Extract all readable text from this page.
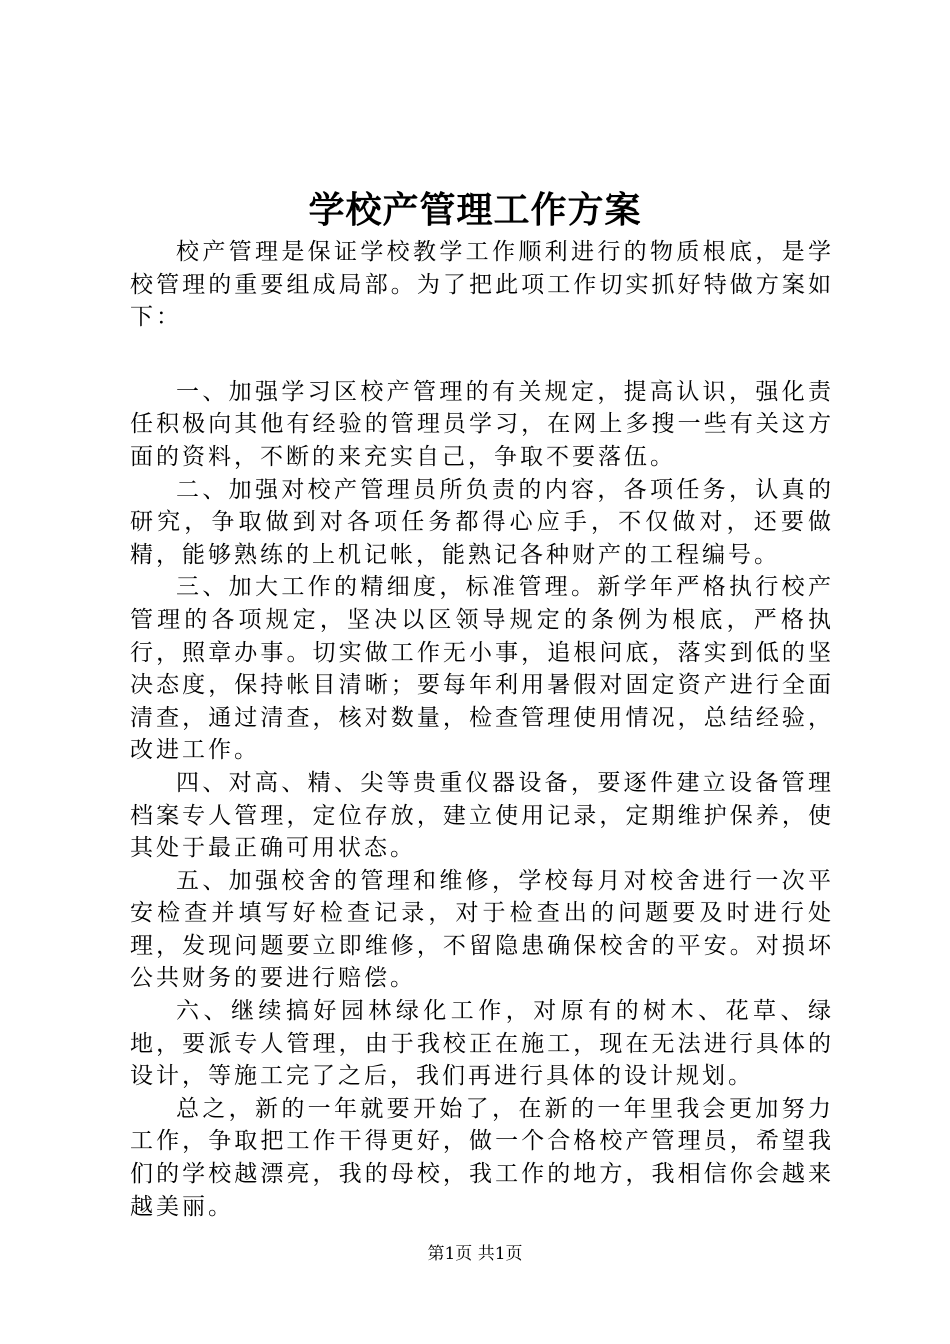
学校产管理工作方案

校产管理是保证学校教学工作顺利进行的物质根底，是学校管理的重要组成局部。为了把此项工作切实抓好特做方案如下：

一、加强学习区校产管理的有关规定，提高认识，强化责任积极向其他有经验的管理员学习，在网上多搜一些有关这方面的资料，不断的来充实自己，争取不要落伍。

二、加强对校产管理员所负责的内容，各项任务，认真的研究，争取做到对各项任务都得心应手，不仅做对，还要做精，能够熟练的上机记帐，能熟记各种财产的工程编号。

三、加大工作的精细度，标准管理。新学年严格执行校产管理的各项规定，坚决以区领导规定的条例为根底，严格执行，照章办事。切实做工作无小事，追根问底，落实到低的坚决态度，保持帐目清晰；要每年利用暑假对固定资产进行全面清查，通过清查，核对数量，检查管理使用情况，总结经验，改进工作。

四、对高、精、尖等贵重仪器设备，要逐件建立设备管理档案专人管理，定位存放，建立使用记录，定期维护保养，使其处于最正确可用状态。

五、加强校舍的管理和维修，学校每月对校舍进行一次平安检查并填写好检查记录，对于检查出的问题要及时进行处理，发现问题要立即维修，不留隐患确保校舍的平安。对损坏公共财务的要进行赔偿。

六、继续搞好园林绿化工作，对原有的树木、花草、绿地，要派专人管理，由于我校正在施工，现在无法进行具体的设计，等施工完了之后，我们再进行具体的设计规划。

总之，新的一年就要开始了，在新的一年里我会更加努力工作，争取把工作干得更好，做一个合格校产管理员，希望我们的学校越漂亮，我的母校，我工作的地方，我相信你会越来越美丽。

第1页 共1页
